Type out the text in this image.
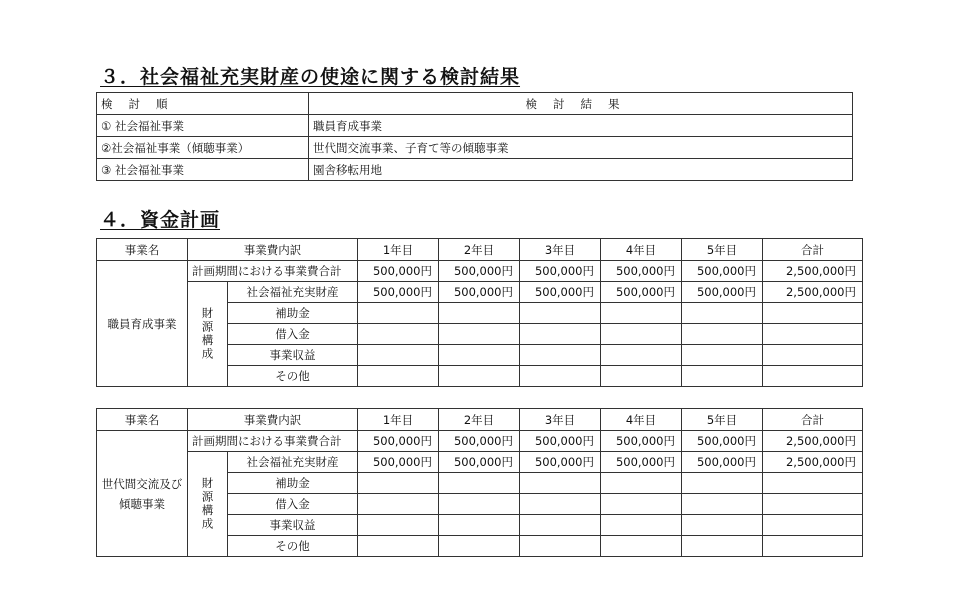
３．社会福祉充実財産の使途に関する検討結果
検討順	検討結果
① 社会福祉事業	職員育成事業
②社会福祉事業（傾聴事業）	世代間交流事業、子育て等の傾聴事業
③ 社会福祉事業	園舎移転用地
４．資金計画
事業名	事業費内訳		1年目	2年目	3年目	4年目	5年目	合計
職員育成事業	計画期間における事業費合計		500,000円	500,000円	500,000円	500,000円	500,000円	2,500,000円
	財源構成	社会福祉充実財産	500,000円	500,000円	500,000円	500,000円	500,000円	2,500,000円
		補助金						
		借入金						
		事業収益						
		その他						
事業名	事業費内訳		1年目	2年目	3年目	4年目	5年目	合計
世代間交流及び傾聴事業	計画期間における事業費合計		500,000円	500,000円	500,000円	500,000円	500,000円	2,500,000円
	財源構成	社会福祉充実財産	500,000円	500,000円	500,000円	500,000円	500,000円	2,500,000円
		補助金						
		借入金						
		事業収益						
		その他						
